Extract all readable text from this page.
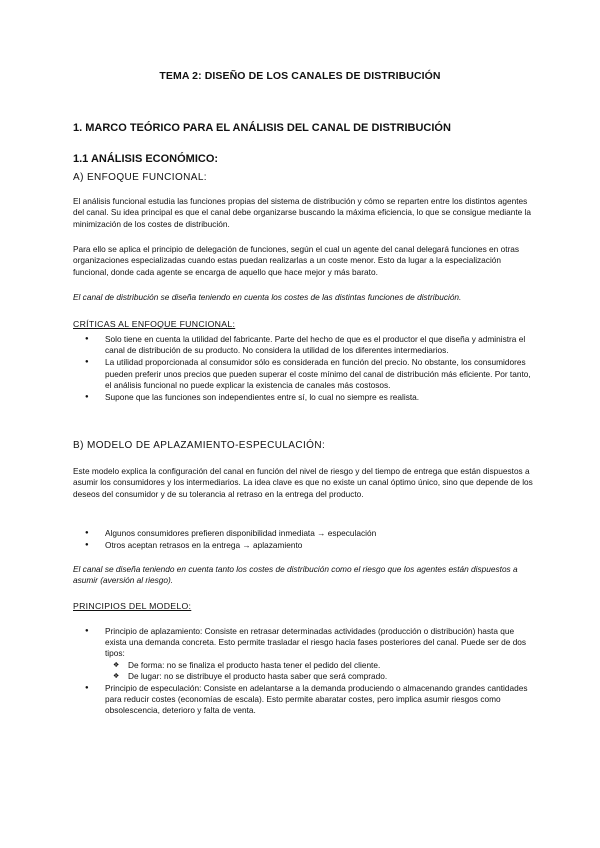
TEMA 2: DISEÑO DE LOS CANALES DE DISTRIBUCIÓN
1. MARCO TEÓRICO PARA EL ANÁLISIS DEL CANAL DE DISTRIBUCIÓN
1.1 ANÁLISIS ECONÓMICO:
A) ENFOQUE FUNCIONAL:

El análisis funcional estudia las funciones propias del sistema de distribución y cómo se reparten entre los distintos agentes del canal. Su idea principal es que el canal debe organizarse buscando la máxima eficiencia, lo que se consigue mediante la minimización de los costes de distribución.

Para ello se aplica el principio de delegación de funciones, según el cual un agente del canal delegará funciones en otras organizaciones especializadas cuando estas puedan realizarlas a un coste menor. Esto da lugar a la especialización funcional, donde cada agente se encarga de aquello que hace mejor y más barato.

El canal de distribución se diseña teniendo en cuenta los costes de las distintas funciones de distribución.

CRÍTICAS AL ENFOQUE FUNCIONAL:
● Solo tiene en cuenta la utilidad del fabricante. Parte del hecho de que es el productor el que diseña y administra el canal de distribución de su producto. No considera la utilidad de los diferentes intermediarios.
● La utilidad proporcionada al consumidor sólo es considerada en función del precio. No obstante, los consumidores pueden preferir unos precios que pueden superar el coste mínimo del canal de distribución más eficiente. Por tanto, el análisis funcional no puede explicar la existencia de canales más costosos.
● Supone que las funciones son independientes entre sí, lo cual no siempre es realista.
B) MODELO DE APLAZAMIENTO-ESPECULACIÓN:

Este modelo explica la configuración del canal en función del nivel de riesgo y del tiempo de entrega que están dispuestos a asumir los consumidores y los intermediarios. La idea clave es que no existe un canal óptimo único, sino que depende de los deseos del consumidor y de su tolerancia al retraso en la entrega del producto.

● Algunos consumidores prefieren disponibilidad inmediata → especulación
● Otros aceptan retrasos en la entrega → aplazamiento

El canal se diseña teniendo en cuenta tanto los costes de distribución como el riesgo que los agentes están dispuestos a asumir (aversión al riesgo).

PRINCIPIOS DEL MODELO:
● Principio de aplazamiento: Consiste en retrasar determinadas actividades (producción o distribución) hasta que exista una demanda concreta. Esto permite trasladar el riesgo hacia fases posteriores del canal. Puede ser de dos tipos:
❖ De forma: no se finaliza el producto hasta tener el pedido del cliente.
❖ De lugar: no se distribuye el producto hasta saber que será comprado.
● Principio de especulación: Consiste en adelantarse a la demanda produciendo o almacenando grandes cantidades para reducir costes (economías de escala). Esto permite abaratar costes, pero implica asumir riesgos como obsolescencia, deterioro y falta de venta.
